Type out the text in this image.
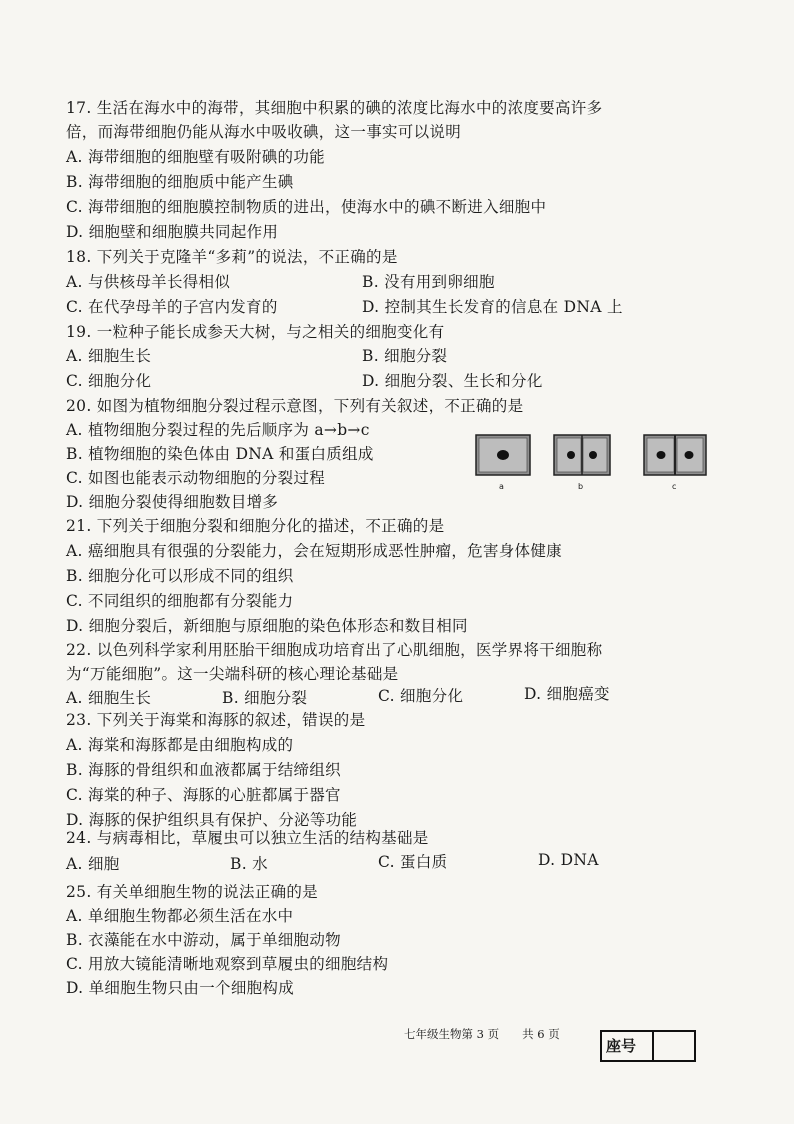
17. 生活在海水中的海带，其细胞中积累的碘的浓度比海水中的浓度要高许多
倍，而海带细胞仍能从海水中吸收碘，这一事实可以说明
A. 海带细胞的细胞壁有吸附碘的功能
B. 海带细胞的细胞质中能产生碘
C. 海带细胞的细胞膜控制物质的进出，使海水中的碘不断进入细胞中
D. 细胞壁和细胞膜共同起作用
18. 下列关于克隆羊“多莉”的说法，不正确的是
A. 与供核母羊长得相似	B. 没有用到卵细胞
C. 在代孕母羊的子宫内发育的	D. 控制其生长发育的信息在 DNA 上
19. 一粒种子能长成参天大树，与之相关的细胞变化有
A. 细胞生长	B. 细胞分裂
C. 细胞分化	D. 细胞分裂、生长和分化
20. 如图为植物细胞分裂过程示意图，下列有关叙述，不正确的是
A. 植物细胞分裂过程的先后顺序为 a→b→c
B. 植物细胞的染色体由 DNA 和蛋白质组成
C. 如图也能表示动物细胞的分裂过程
D. 细胞分裂使得细胞数目增多
a	b	c
21. 下列关于细胞分裂和细胞分化的描述，不正确的是
A. 癌细胞具有很强的分裂能力，会在短期形成恶性肿瘤，危害身体健康
B. 细胞分化可以形成不同的组织
C. 不同组织的细胞都有分裂能力
D. 细胞分裂后，新细胞与原细胞的染色体形态和数目相同
22. 以色列科学家利用胚胎干细胞成功培育出了心肌细胞，医学界将干细胞称
为“万能细胞”。这一尖端科研的核心理论基础是
A. 细胞生长	B. 细胞分裂	C. 细胞分化	D. 细胞癌变
23. 下列关于海棠和海豚的叙述，错误的是
A. 海棠和海豚都是由细胞构成的
B. 海豚的骨组织和血液都属于结缔组织
C. 海棠的种子、海豚的心脏都属于器官
D. 海豚的保护组织具有保护、分泌等功能
24. 与病毒相比，草履虫可以独立生活的结构基础是
A. 细胞	B. 水	C. 蛋白质	D. DNA
25. 有关单细胞生物的说法正确的是
A. 单细胞生物都必须生活在水中
B. 衣藻能在水中游动，属于单细胞动物
C. 用放大镜能清晰地观察到草履虫的细胞结构
D. 单细胞生物只由一个细胞构成
七年级生物第 3 页　　共 6 页
座号
